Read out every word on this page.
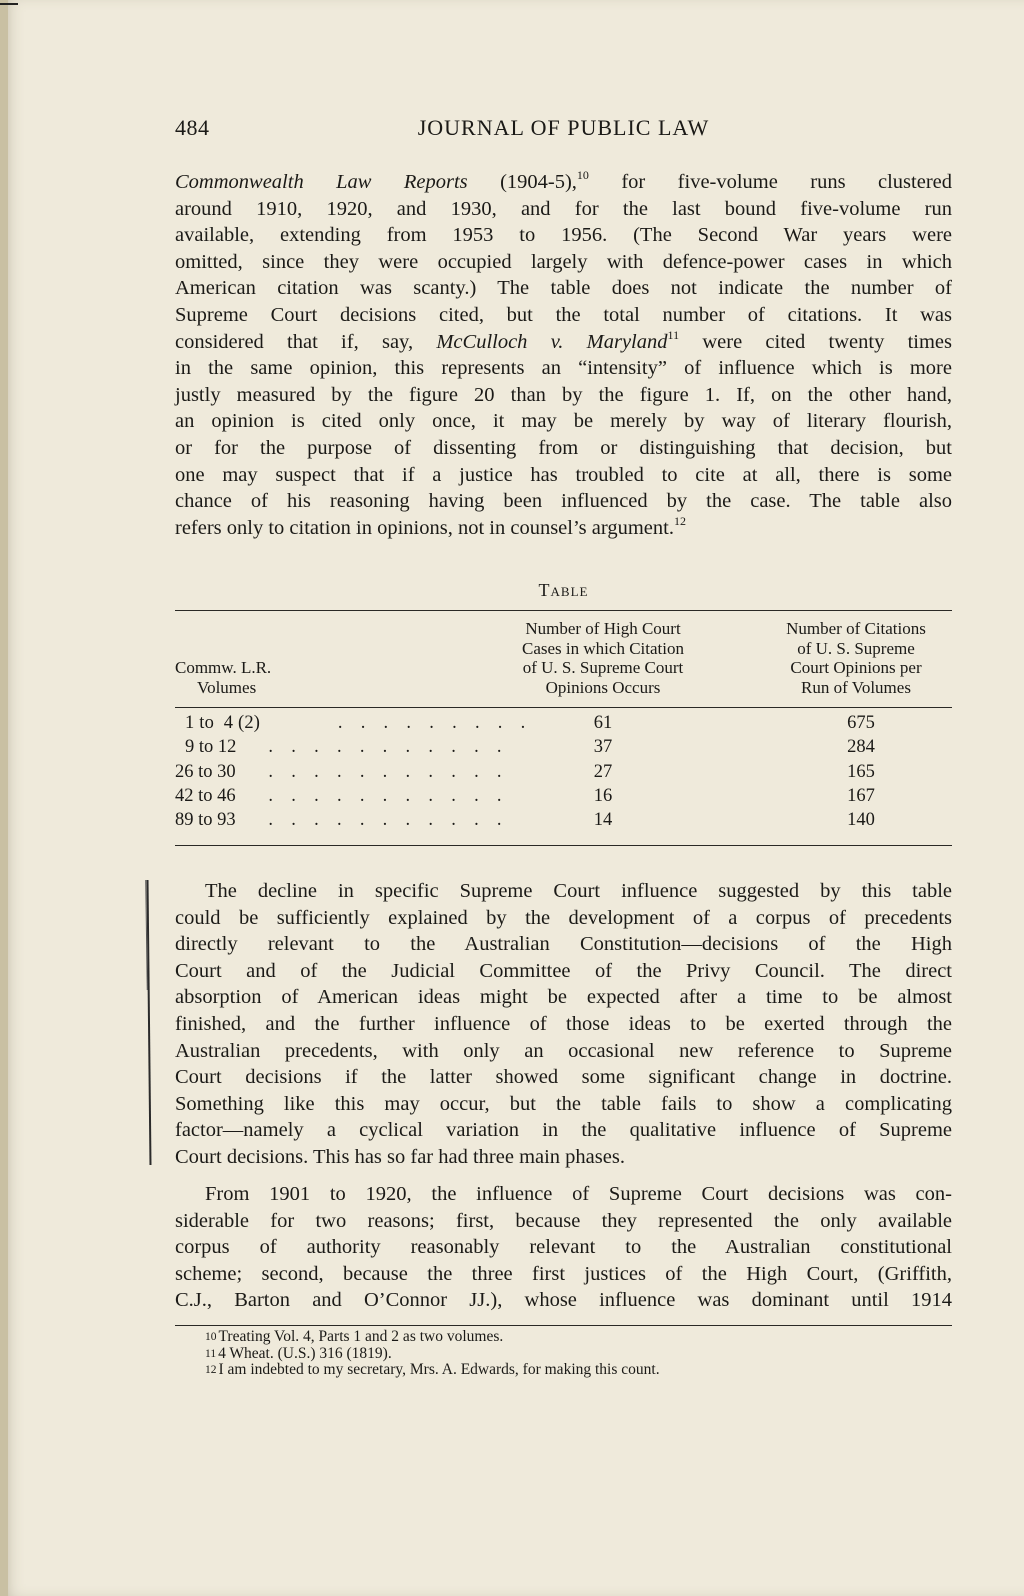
484	JOURNAL OF PUBLIC LAW
Commonwealth Law Reports (1904-5),$^{10}$ for five-volume runs clustered
around 1910, 1920, and 1930, and for the last bound five-volume run
available, extending from 1953 to 1956. (The Second War years were
omitted, since they were occupied largely with defence-power cases in which
American citation was scanty.) The table does not indicate the number of
Supreme Court decisions cited, but the total number of citations. It was
considered that if, say, McCulloch v. Maryland$^{11}$ were cited twenty times
in the same opinion, this represents an “intensity” of influence which is more
justly measured by the figure 20 than by the figure 1. If, on the other hand,
an opinion is cited only once, it may be merely by way of literary flourish,
or for the purpose of dissenting from or distinguishing that decision, but
one may suspect that if a justice has troubled to cite at all, there is some
chance of his reasoning having been influenced by the case. The table also
refers only to citation in opinions, not in counsel’s argument.$^{12}$
Table
Commw. L.R.
Volumes
Number of High Court
Cases in which Citation
of U. S. Supreme Court
Opinions Occurs
Number of Citations
of U. S. Supreme
Court Opinions per
Run of Volumes
1 to  4 (2)	. . . . . . . . .	61	675
9 to 12 . . . . . . . . . . .	37	284
26 to 30 . . . . . . . . . . .	27	165
42 to 46 . . . . . . . . . . .	16	167
89 to 93 . . . . . . . . . . .	14	140
The decline in specific Supreme Court influence suggested by this table
could be sufficiently explained by the development of a corpus of precedents
directly relevant to the Australian Constitution—decisions of the High
Court and of the Judicial Committee of the Privy Council. The direct
absorption of American ideas might be expected after a time to be almost
finished, and the further influence of those ideas to be exerted through the
Australian precedents, with only an occasional new reference to Supreme
Court decisions if the latter showed some significant change in doctrine.
Something like this may occur, but the table fails to show a complicating
factor—namely a cyclical variation in the qualitative influence of Supreme
Court decisions. This has so far had three main phases.
From 1901 to 1920, the influence of Supreme Court decisions was con-
siderable for two reasons; first, because they represented the only available
corpus of authority reasonably relevant to the Australian constitutional
scheme; second, because the three first justices of the High Court, (Griffith,
C.J., Barton and O’Connor JJ.), whose influence was dominant until 1914
10 Treating Vol. 4, Parts 1 and 2 as two volumes.
11 4 Wheat. (U.S.) 316 (1819).
12 I am indebted to my secretary, Mrs. A. Edwards, for making this count.
